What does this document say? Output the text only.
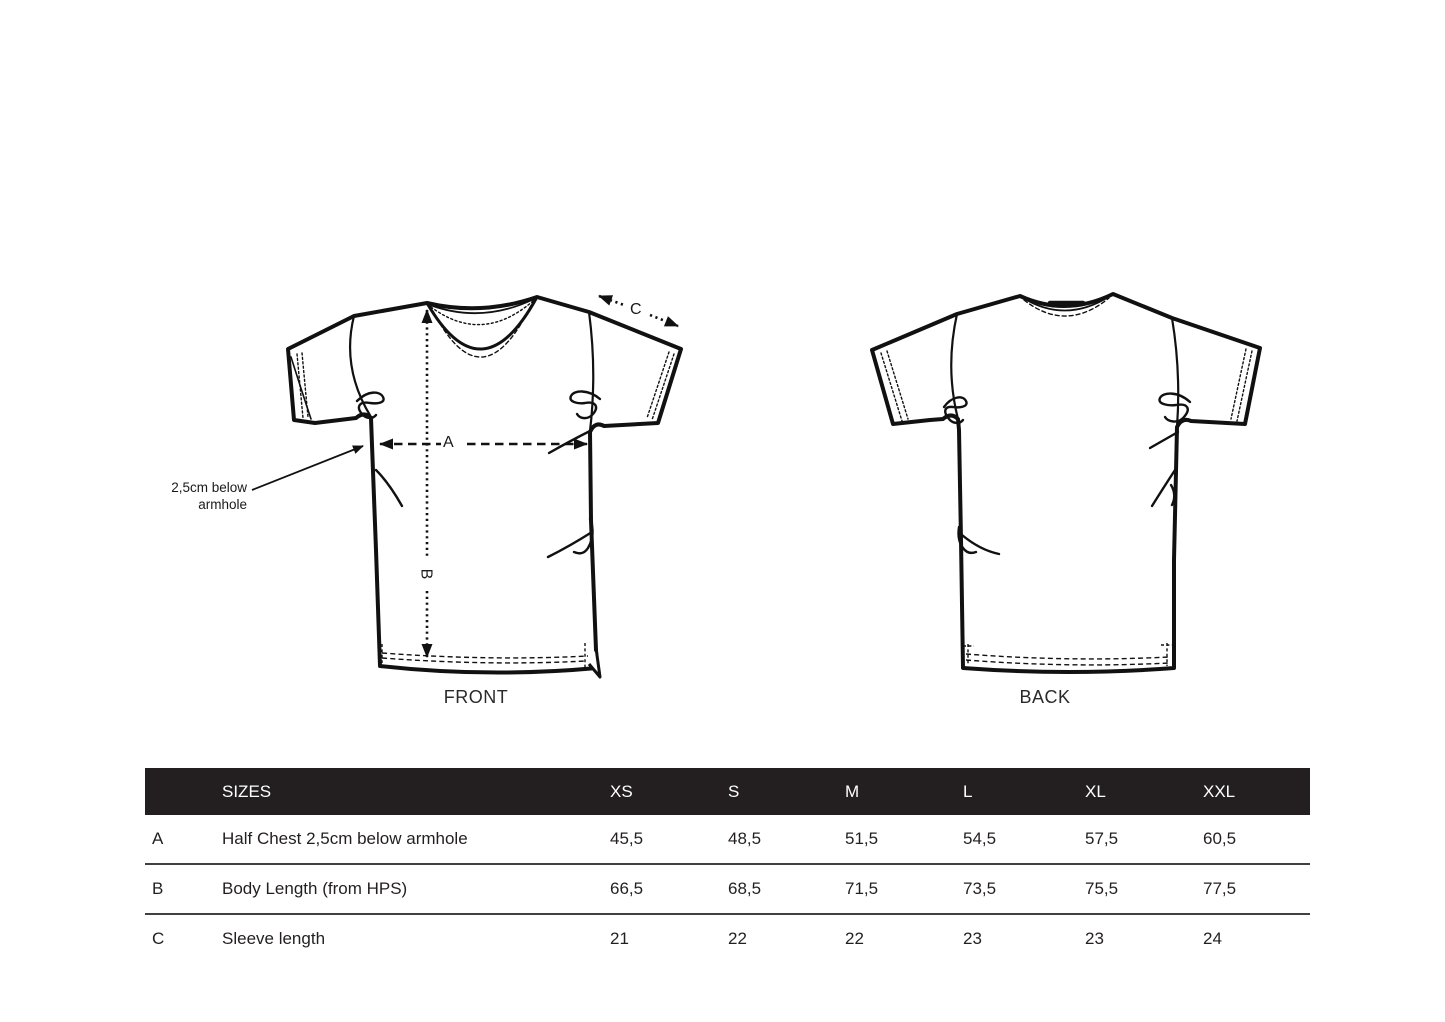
2,5cm below
armhole
A
B
C
FRONT	BACK
	SIZES	XS	S	M	L	XL	XXL
A	Half Chest 2,5cm below armhole	45,5	48,5	51,5	54,5	57,5	60,5
B	Body Length (from HPS)	66,5	68,5	71,5	73,5	75,5	77,5
C	Sleeve length	21	22	22	23	23	24
